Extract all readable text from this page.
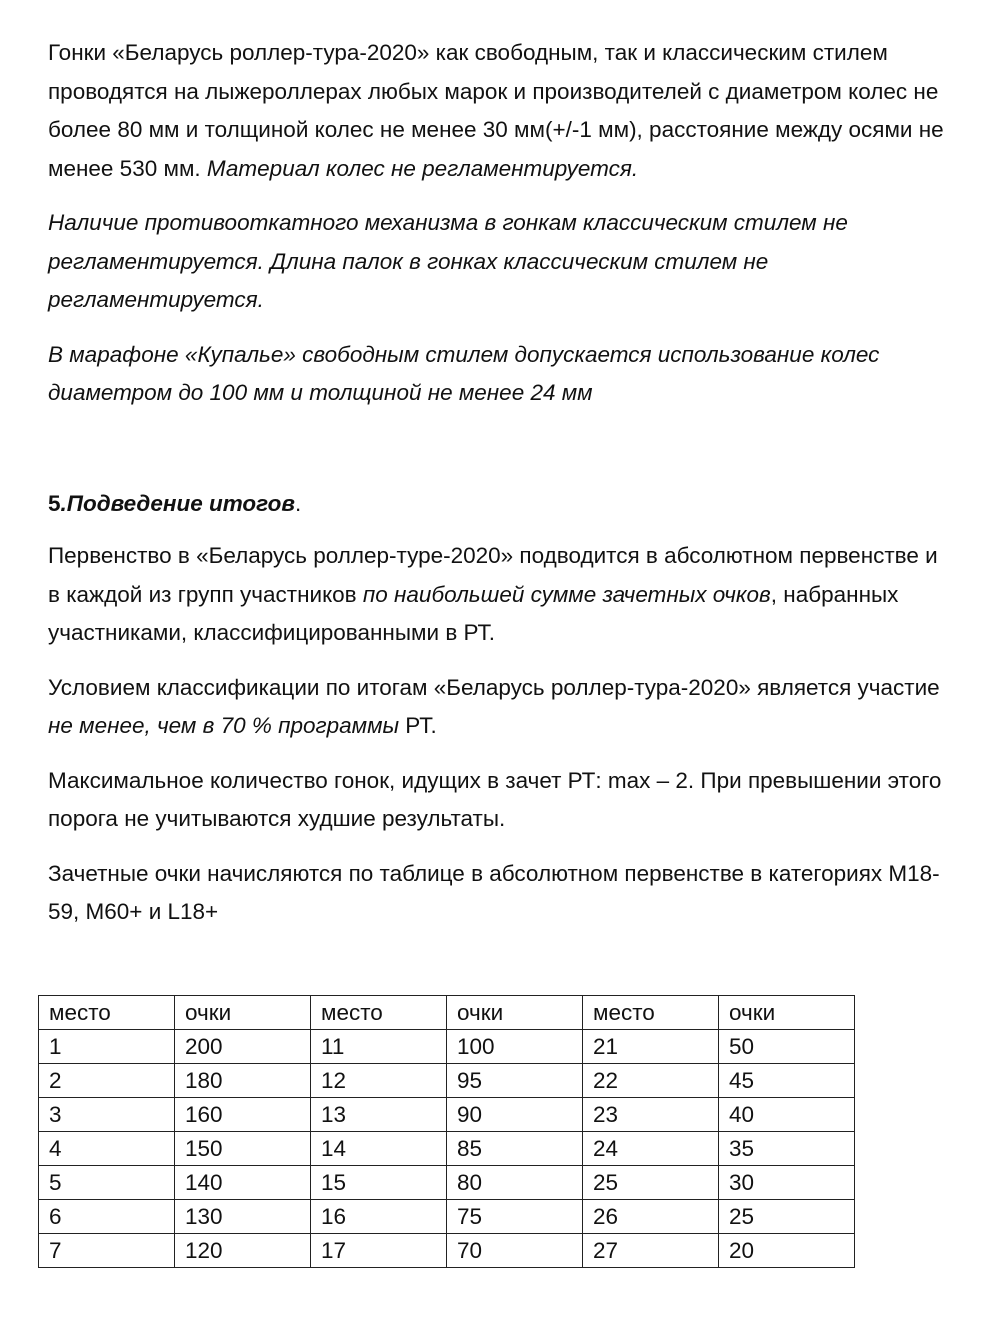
Гонки «Беларусь роллер-тура-2020» как свободным, так и классическим стилем проводятся на лыжероллерах любых марок и производителей с диаметром колес не более 80 мм и толщиной колес не менее 30 мм(+/-1 мм), расстояние между осями не менее 530 мм. Материал колес не регламентируется.

Наличие противооткатного механизма в гонкам классическим стилем не регламентируется. Длина палок в гонках классическим стилем не регламентируется.

В марафоне «Купалье» свободным стилем допускается использование колес диаметром до 100 мм и толщиной не менее 24 мм

5.Подведение итогов.

Первенство в «Беларусь роллер-туре-2020» подводится в абсолютном первенстве и в каждой из групп участников по наибольшей сумме зачетных очков, набранных участниками, классифицированными в РТ.

Условием классификации по итогам «Беларусь роллер-тура-2020» является участие не менее, чем в 70 % программы РТ.

Максимальное количество гонок, идущих в зачет РТ: max – 2. При превышении этого порога не учитываются худшие результаты.

Зачетные очки начисляются по таблице в абсолютном первенстве в категориях М18-59, М60+ и L18+

место	очки	место	очки	место	очки
1	200	11	100	21	50
2	180	12	95	22	45
3	160	13	90	23	40
4	150	14	85	24	35
5	140	15	80	25	30
6	130	16	75	26	25
7	120	17	70	27	20
